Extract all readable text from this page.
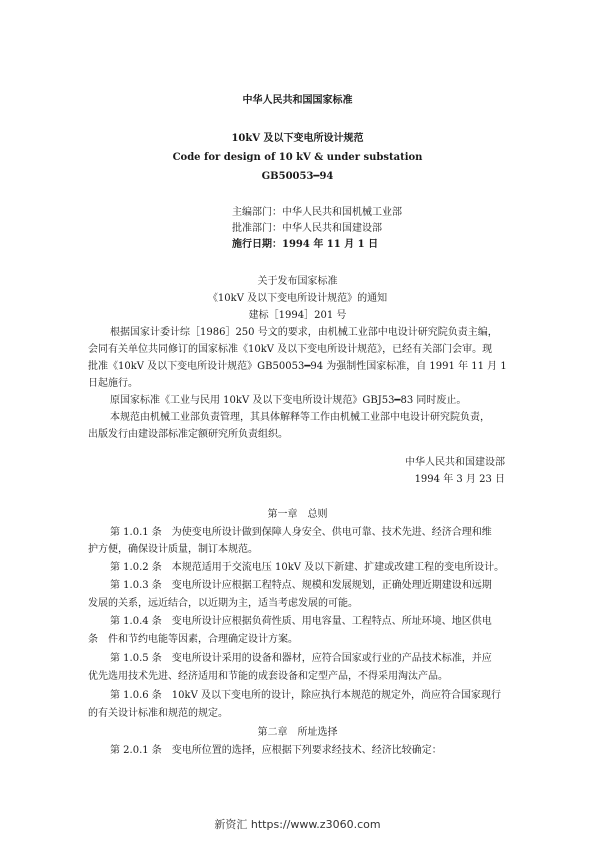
中华人民共和国国家标准
10kV 及以下变电所设计规范
Code for design of 10 kV & under substation
GB50053━94
主编部门：中华人民共和国机械工业部
批准部门：中华人民共和国建设部
施行日期：1994 年 11 月 1 日
关于发布国家标准
《10kV 及以下变电所设计规范》的通知
建标［1994］201 号
根据国家计委计综［1986］250 号文的要求，由机械工业部中电设计研究院负责主编，
会同有关单位共同修订的国家标准《10kV 及以下变电所设计规范》，已经有关部门会审。现
批准《10kV 及以下变电所设计规范》GB50053━94 为强制性国家标准，自 1991 年 11 月 1
日起施行。
原国家标准《工业与民用 10kV 及以下变电所设计规范》GBJ53━83 同时废止。
本规范由机械工业部负责管理，其具体解释等工作由机械工业部中电设计研究院负责，
出版发行由建设部标准定额研究所负责组织。
中华人民共和国建设部
1994 年 3 月 23 日
第一章　总则
第 1.0.1 条　为使变电所设计做到保障人身安全、供电可靠、技术先进、经济合理和维
护方便，确保设计质量，制订本规范。
第 1.0.2 条　本规范适用于交流电压 10kV 及以下新建、扩建或改建工程的变电所设计。
第 1.0.3 条　变电所设计应根据工程特点、规模和发展规划，正确处理近期建设和远期
发展的关系，远近结合，以近期为主，适当考虑发展的可能。
第 1.0.4 条　变电所设计应根据负荷性质、用电容量、工程特点、所址环境、地区供电
条　件和节约电能等因素，合理确定设计方案。
第 1.0.5 条　变电所设计采用的设备和器材，应符合国家或行业的产品技术标准，并应
优先选用技术先进、经济适用和节能的成套设备和定型产品，不得采用淘汰产品。
第 1.0.6 条　10kV 及以下变电所的设计，除应执行本规范的规定外，尚应符合国家现行
的有关设计标准和规范的规定。
第二章　所址选择
第 2.0.1 条　变电所位置的选择，应根据下列要求经技术、经济比较确定：
新资汇 https://www.z3060.com
